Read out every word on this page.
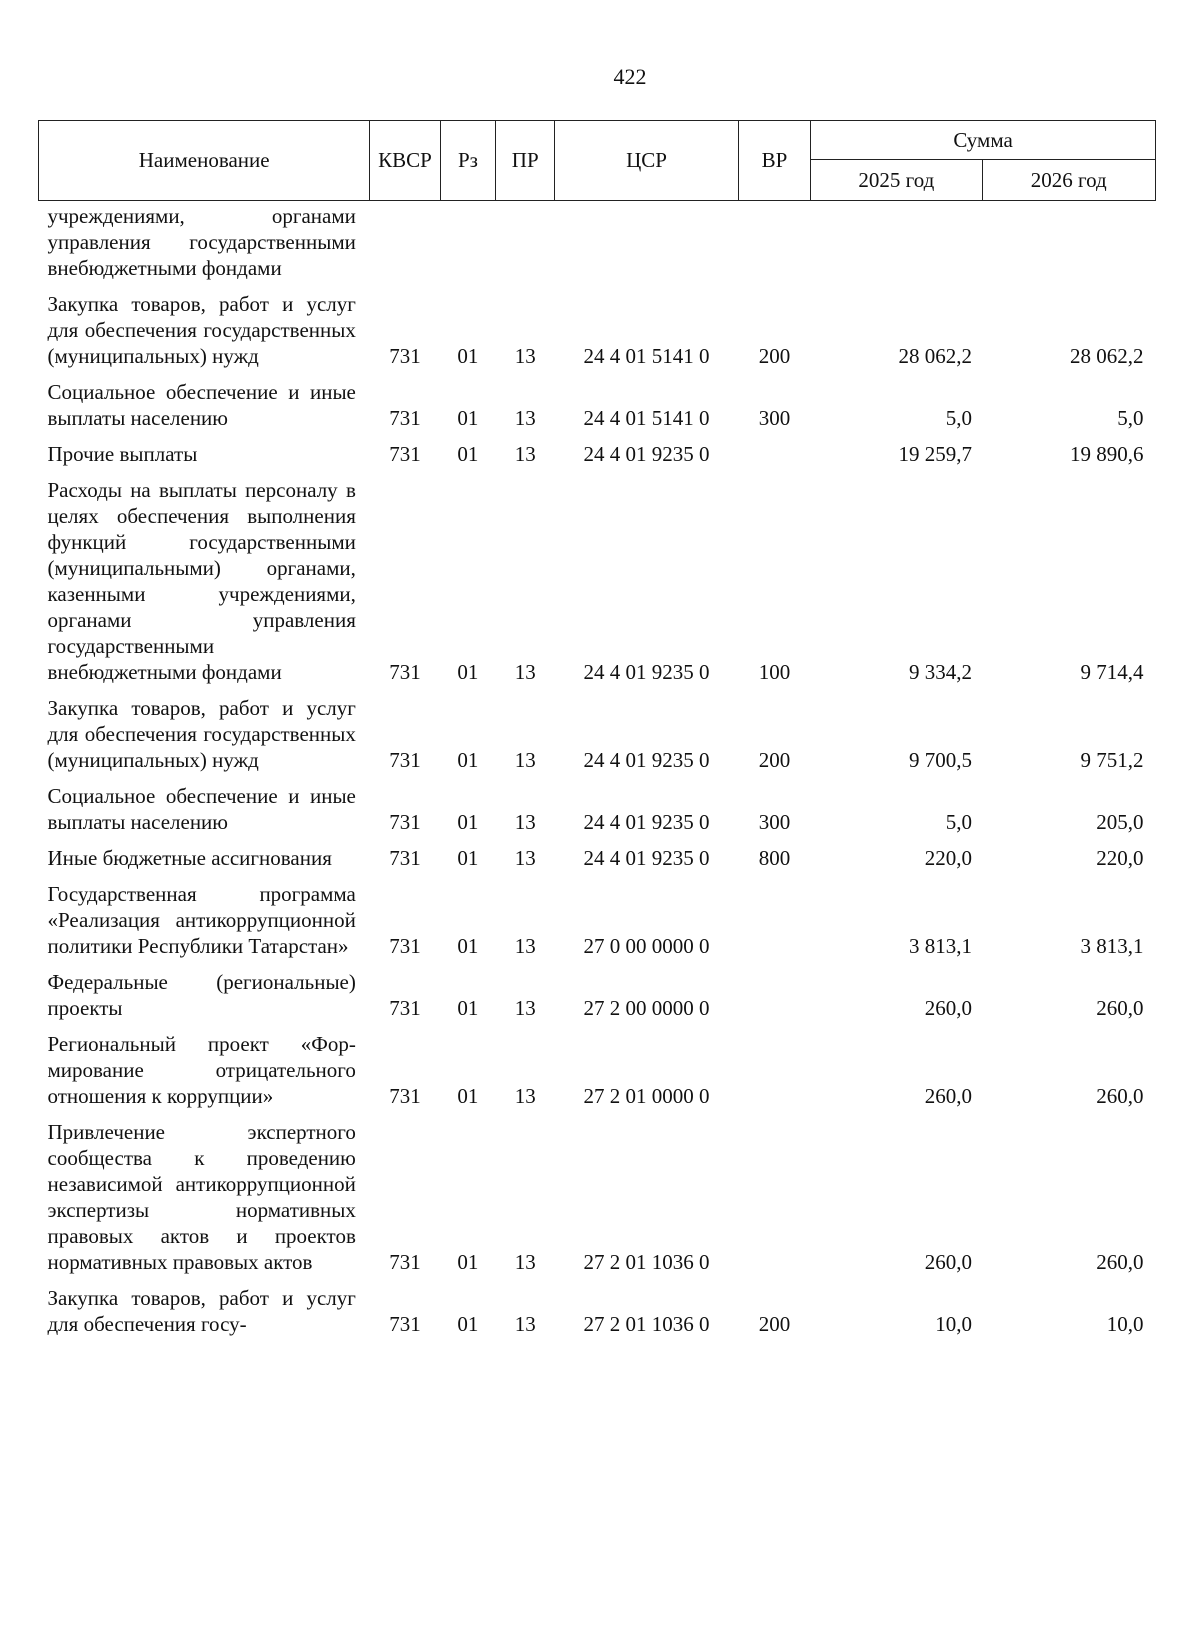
422
Наименование	КВСР	Рз	ПР	ЦСР	ВР	Сумма	
						2025 год	2026 год
учреждениями, органами управления государственными внебюджетными фондами							
Закупка товаров, работ и услуг для обеспечения государственных (муниципальных) нужд	731	01	13	24 4 01 5141 0	200	28 062,2	28 062,2
Социальное обеспечение и иные выплаты населению	731	01	13	24 4 01 5141 0	300	5,0	5,0
Прочие выплаты	731	01	13	24 4 01 9235 0		19 259,7	19 890,6
Расходы на выплаты персоналу в целях обеспечения выполнения функций государственными (муниципальными) органами, казенными учреждениями, органами управления государственными внебюджетными фондами	731	01	13	24 4 01 9235 0	100	9 334,2	9 714,4
Закупка товаров, работ и услуг для обеспечения государственных (муниципальных) нужд	731	01	13	24 4 01 9235 0	200	9 700,5	9 751,2
Социальное обеспечение и иные выплаты населению	731	01	13	24 4 01 9235 0	300	5,0	205,0
Иные бюджетные ассигнования	731	01	13	24 4 01 9235 0	800	220,0	220,0
Государственная программа «Реализация антикоррупционной политики Республики Татарстан»	731	01	13	27 0 00 0000 0		3 813,1	3 813,1
Федеральные (региональные) проекты	731	01	13	27 2 00 0000 0		260,0	260,0
Региональный проект «Формирование отрицательного отношения к коррупции»	731	01	13	27 2 01 0000 0		260,0	260,0
Привлечение экспертного сообщества к проведению независимой антикоррупционной экспертизы нормативных правовых актов и проектов нормативных правовых актов	731	01	13	27 2 01 1036 0		260,0	260,0
Закупка товаров, работ и услуг для обеспечения госу-	731	01	13	27 2 01 1036 0	200	10,0	10,0
